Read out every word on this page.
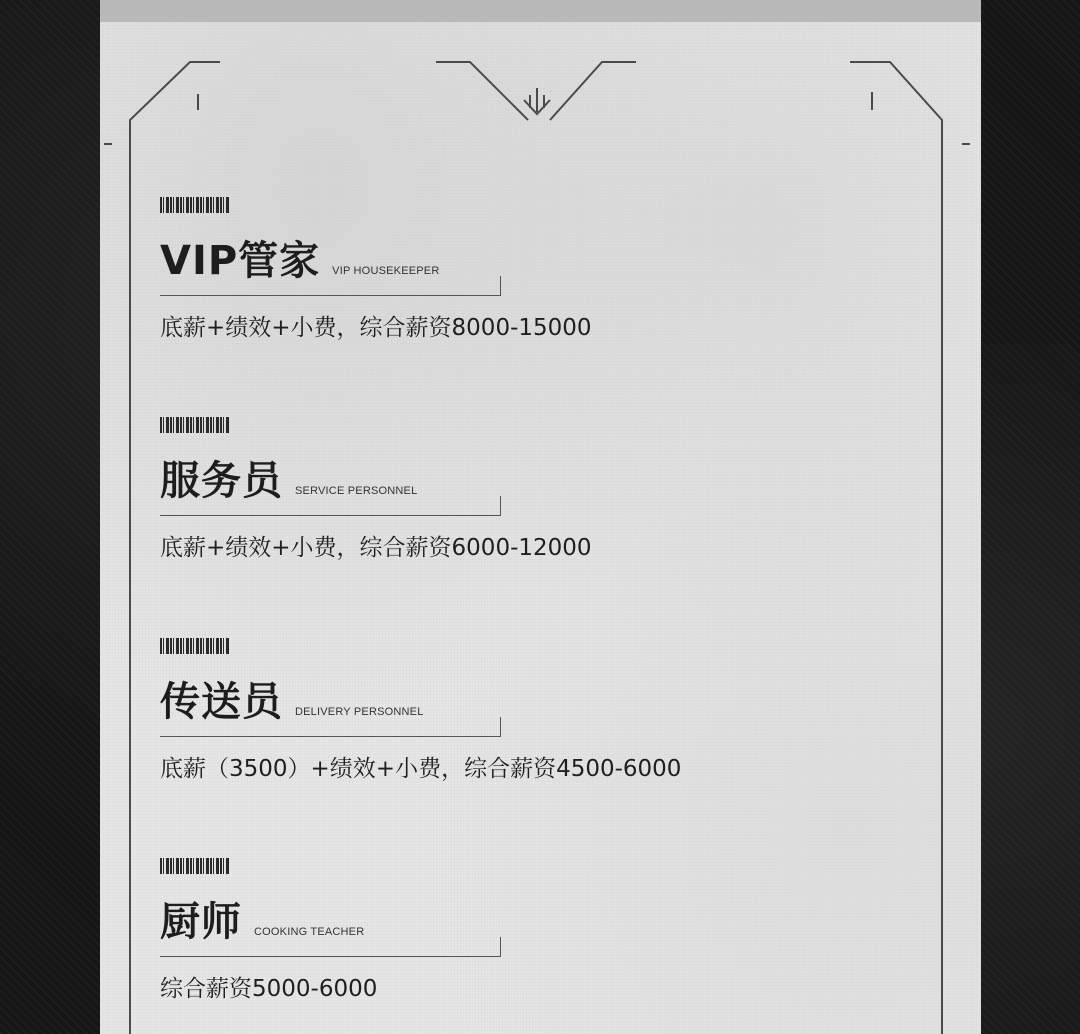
VIP管家 VIP HOUSEKEEPER
底薪+绩效+小费，综合薪资8000-15000
服务员 SERVICE PERSONNEL
底薪+绩效+小费，综合薪资6000-12000
传送员 DELIVERY PERSONNEL
底薪（3500）+绩效+小费，综合薪资4500-6000
厨师 COOKING TEACHER
综合薪资5000-6000
